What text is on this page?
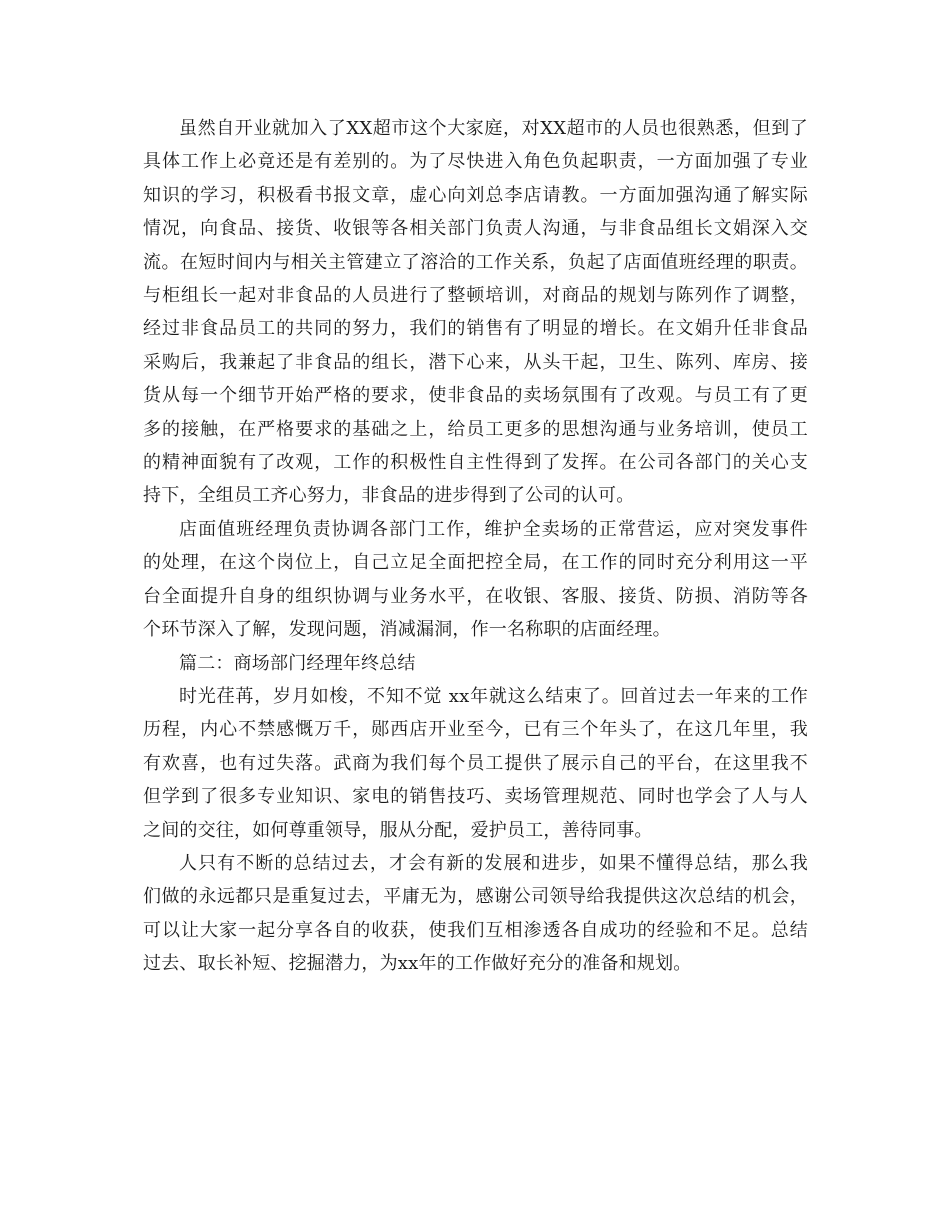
虽然自开业就加入了XX超市这个大家庭，对XX超市的人员也很熟悉，但到了
具体工作上必竟还是有差别的。为了尽快进入角色负起职责，一方面加强了专业
知识的学习，积极看书报文章，虚心向刘总李店请教。一方面加强沟通了解实际
情况，向食品、接货、收银等各相关部门负责人沟通，与非食品组长文娟深入交
流。在短时间内与相关主管建立了溶洽的工作关系，负起了店面值班经理的职责。
与柜组长一起对非食品的人员进行了整顿培训，对商品的规划与陈列作了调整，
经过非食品员工的共同的努力，我们的销售有了明显的增长。在文娟升任非食品
采购后，我兼起了非食品的组长，潜下心来，从头干起，卫生、陈列、库房、接
货从每一个细节开始严格的要求，使非食品的卖场氛围有了改观。与员工有了更
多的接触，在严格要求的基础之上，给员工更多的思想沟通与业务培训，使员工
的精神面貌有了改观，工作的积极性自主性得到了发挥。在公司各部门的关心支
持下，全组员工齐心努力，非食品的进步得到了公司的认可。
店面值班经理负责协调各部门工作，维护全卖场的正常营运，应对突发事件
的处理，在这个岗位上，自己立足全面把控全局，在工作的同时充分利用这一平
台全面提升自身的组织协调与业务水平，在收银、客服、接货、防损、消防等各
个环节深入了解，发现问题，消减漏洞，作一名称职的店面经理。
篇二：商场部门经理年终总结
时光荏苒，岁月如梭，不知不觉 xx年就这么结束了。回首过去一年来的工作
历程，内心不禁感慨万千，郧西店开业至今，已有三个年头了，在这几年里，我
有欢喜，也有过失落。武商为我们每个员工提供了展示自己的平台，在这里我不
但学到了很多专业知识、家电的销售技巧、卖场管理规范、同时也学会了人与人
之间的交往，如何尊重领导，服从分配，爱护员工，善待同事。
人只有不断的总结过去，才会有新的发展和进步，如果不懂得总结，那么我
们做的永远都只是重复过去，平庸无为，感谢公司领导给我提供这次总结的机会，
可以让大家一起分享各自的收获，使我们互相渗透各自成功的经验和不足。总结
过去、取长补短、挖掘潜力，为xx年的工作做好充分的准备和规划。
